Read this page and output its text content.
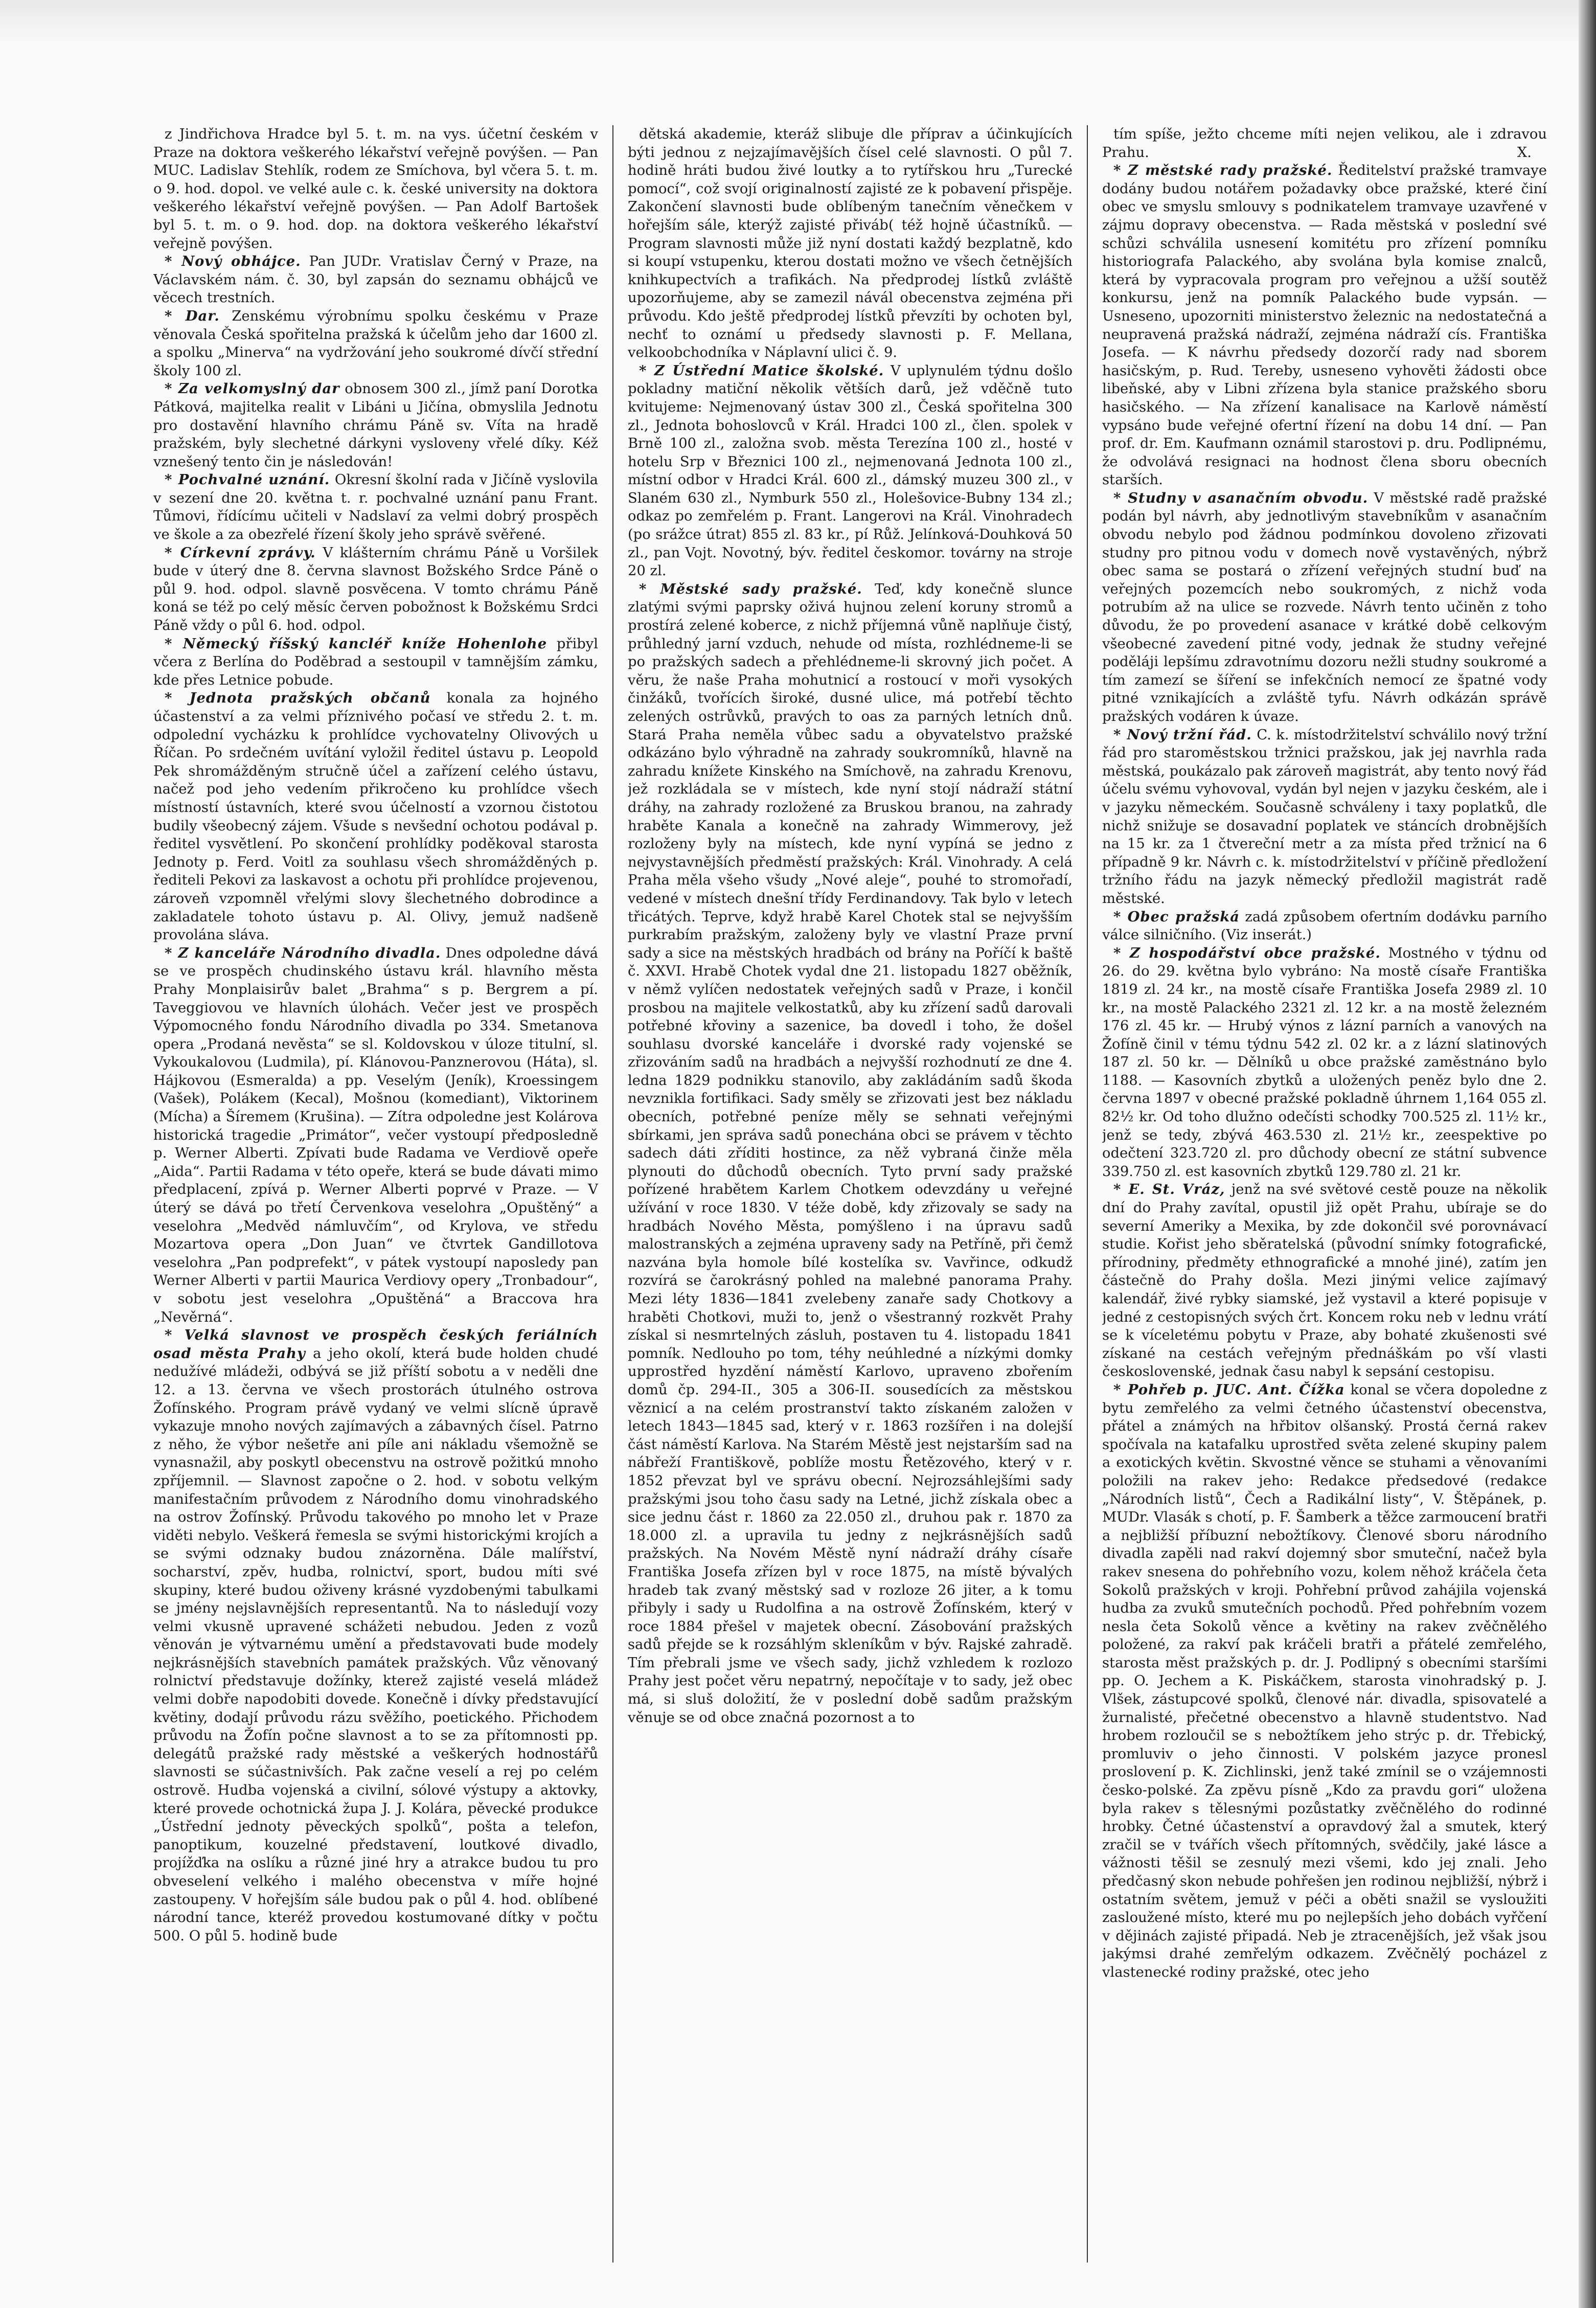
z Jindřichova Hradce byl 5. t. m. na vys. účetní českém v Praze na doktora veškerého lékařství veřejně povýšen. — Pan MUC. Ladislav Stehlík, rodem ze Smíchova, byl včera 5. t. m. o 9. hod. dopol. ve velké aule c. k. české university na doktora veškerého lékařství veřejně povýšen. — Pan Adolf Bartošek byl 5. t. m. o 9. hod. dop. na doktora veškerého lékařství veřejně povýšen.

* Nový obhájce. Pan JUDr. Vratislav Černý v Praze, na Václavském nám. č. 30, byl zapsán do seznamu obhájců ve věcech trestních.

* Dar. Zenskému výrobnímu spolku českému v Praze věnovala Česká spořitelna pražská k účelům jeho dar 1600 zl. a spolku „Minerva“ na vydržování jeho soukromé dívčí střední školy 100 zl.

* Za velkomyslný dar obnosem 300 zl., jímž paní Dorotka Pátková, majitelka realit v Libáni u Jičína, obmyslila Jednotu pro dostavění hlavního chrámu Páně sv. Víta na hradě pražském, byly slechetné dárkyni vysloveny vřelé díky. Kéž vznešený tento čin je následován!

* Pochvalné uznání. Okresní školní rada v Jičíně vyslovila v sezení dne 20. května t. r. pochvalné uznání panu Frant. Tůmovi, řídícímu učiteli v Nadslaví za velmi dobrý prospěch ve škole a za obezřelé řízení školy jeho správě svěřené.

* Církevní zprávy. V klášterním chrámu Páně u Voršilek bude v úterý dne 8. června slavnost Božského Srdce Páně o půl 9. hod. odpol. slavně posvěcena. V tomto chrámu Páně koná se též po celý měsíc červen pobožnost k Božskému Srdci Páně vždy o půl 6. hod. odpol.

* Německý říšský kancléř kníže Hohenlohe přibyl včera z Berlína do Poděbrad a sestoupil v tamnějším zámku, kde přes Letnice pobude.

* Jednota pražských občanů konala za hojného účastenství a za velmi příznivého počasí ve středu 2. t. m. odpolední vycházku k prohlídce vychovatelny Olivových u Říčan. Po srdečném uvítání vyložil ředitel ústavu p. Leopold Pek shromážděným stručně účel a zařízení celého ústavu, načež pod jeho vedením přikročeno ku prohlídce všech místností ústavních, které svou účelností a vzornou čistotou budily všeobecný zájem. Všude s nevšední ochotou podával p. ředitel vysvětlení. Po skončení prohlídky poděkoval starosta Jednoty p. Ferd. Voitl za souhlasu všech shromážděných p. řediteli Pekovi za laskavost a ochotu při prohlídce projevenou, zároveň vzpomněl vřelými slovy šlechetného dobrodince a zakladatele tohoto ústavu p. Al. Olivy, jemuž nadšeně provolána sláva.

* Z kanceláře Národního divadla. Dnes odpoledne dává se ve prospěch chudinského ústavu král. hlavního města Prahy Monplaisirův balet „Brahma“ s p. Bergrem a pí. Taveggiovou ve hlavních úlohách. Večer jest ve prospěch Výpomocného fondu Národního divadla po 334. Smetanova opera „Prodaná nevěsta“ se sl. Koldovskou v úloze titulní, sl. Vykoukalovou (Ludmila), pí. Klánovou-Panznerovou (Háta), sl. Hájkovou (Esmeralda) a pp. Veselým (Jeník), Kroessingem (Vašek), Polákem (Kecal), Mošnou (komediant), Viktorinem (Mícha) a Šíremem (Krušina). — Zítra odpoledne jest Kolárova historická tragedie „Primátor“, večer vystoupí předposledně p. Werner Alberti. Zpívati bude Radama ve Verdiově opeře „Aida“. Partii Radama v této opeře, která se bude dávati mimo předplacení, zpívá p. Werner Alberti poprvé v Praze. — V úterý se dává po třetí Červenkova veselohra „Opuštěný“ a veselohra „Medvěd námluvčím“, od Krylova, ve středu Mozartova opera „Don Juan“ ve čtvrtek Gandillotova veselohra „Pan podprefekt“, v pátek vystoupí naposledy pan Werner Alberti v partii Maurica Verdiovy opery „Tronbadour“, v sobotu jest veselohra „Opuštěná“ a Braccova hra „Nevěrná“.

* Velká slavnost ve prospěch českých feriálních osad města Prahy a jeho okolí, která bude holden chudé nedužívé mládeži, odbývá se již příští sobotu a v neděli dne 12. a 13. června ve všech prostorách útulného ostrova Žofínského. Program právě vydaný ve velmi slícně úpravě vykazuje mnoho nových zajímavých a zábavných čísel. Patrno z něho, že výbor nešetře ani píle ani nákladu všemožně se vynasnažil, aby poskytl obecenstvu na ostrově požitkú mnoho zpříjemnil. — Slavnost započne o 2. hod. v sobotu velkým manifestačním průvodem z Národního domu vinohradského na ostrov Žofínský. Průvodu takového po mnoho let v Praze viděti nebylo. Veškerá řemesla se svými historickými krojích a se svými odznaky budou znázorněna. Dále malířství, socharství, zpěv, hudba, rolnictví, sport, budou míti své skupiny, které budou oživeny krásné vyzdobenými tabulkami se jmény nejslavnějších representantů. Na to následují vozy velmi vkusně upravené schážeti nebudou. Jeden z vozů věnován je výtvarnému umění a představovati bude modely nejkrásnějších stavebních památek pražských. Vůz věnovaný rolnictví představuje dožínky, kterež zajisté veselá mládež velmi dobře napodobiti dovede. Konečně i dívky představující květiny, dodají průvodu rázu svěžího, poetického. Přichodem průvodu na Žofín počne slavnost a to se za přítomnosti pp. delegátů pražské rady městské a veškerých hodnostářů slavnosti se súčastnivších. Pak začne veselí a rej po celém ostrově. Hudba vojenská a civilní, sólové výstupy a aktovky, které provede ochotnická župa J. J. Kolára, pěvecké produkce „Ústřední jednoty pěveckých spolků“, pošta a telefon, panoptikum, kouzelné představení, loutkové divadlo, projížďka na oslíku a různé jiné hry a atrakce budou tu pro obveselení velkého i malého obecenstva v míře hojné zastoupeny. V hořejším sále budou pak o půl 4. hod. oblíbené národní tance, kteréž provedou kostumované dítky v počtu 500. O půl 5. hodině bude

dětská akademie, kteráž slibuje dle příprav a účinkujících býti jednou z nejzajímavějších čísel celé slavnosti. O půl 7. hodině hráti budou živé loutky a to rytířskou hru „Turecké pomocí“, což svojí originalností zajisté ze k pobavení přispěje. Zakončení slavnosti bude oblíbeným tanečním věnečkem v hořejším sále, kterýž zajisté přiváb( též hojně účastníků. — Program slavnosti může již nyní dostati každý bezplatně, kdo si koupí vstupenku, kterou dostati možno ve všech četnějších knihkupectvích a trafikách. Na předprodej lístků zvláště upozorňujeme, aby se zamezil návál obecenstva zejména při průvodu. Kdo ještě předprodej lístků převzíti by ochoten byl, nechť to oznámí u předsedy slavnosti p. F. Mellana, velkoobchodníka v Náplavní ulici č. 9.

* Z Ústřední Matice školské. V uplynulém týdnu došlo pokladny matiční několik větších darů, jež vděčně tuto kvitujeme: Nejmenovaný ústav 300 zl., Česká spořitelna 300 zl., Jednota bohoslovců v Král. Hradci 100 zl., člen. spolek v Brně 100 zl., založna svob. města Terezína 100 zl., hosté v hotelu Srp v Březnici 100 zl., nejmenovaná Jednota 100 zl., místní odbor v Hradci Král. 600 zl., dámský muzeu 300 zl., v Slaném 630 zl., Nymburk 550 zl., Holešovice-Bubny 134 zl.; odkaz po zemřelém p. Frant. Langerovi na Král. Vinohradech (po srážce útrat) 855 zl. 83 kr., pí Růž. Jelínková-Douhková 50 zl., pan Vojt. Novotný, býv. ředitel českomor. továrny na stroje 20 zl.

* Městské sady pražské. Teď, kdy konečně slunce zlatými svými paprsky oživá hujnou zelení koruny stromů a prostírá zelené koberce, z nichž příjemná vůně naplňuje čistý, průhledný jarní vzduch, nehude od místa, rozhlédneme-li se po pražských sadech a přehlédneme-li skrovný jich počet. A věru, že naše Praha mohutnicí a rostoucí v moři vysokých činžáků, tvořících široké, dusné ulice, má potřebí těchto zelených ostrůvků, pravých to oas za parných letních dnů. Stará Praha neměla vůbec sadu a obyvatelstvo pražské odkázáno bylo výhradně na zahrady soukromníků, hlavně na zahradu knížete Kinského na Smíchově, na zahradu Krenovu, jež rozkládala se v místech, kde nyní stojí nádraží státní dráhy, na zahrady rozložené za Bruskou branou, na zahrady hraběte Kanala a konečně na zahrady Wimmerovy, jež rozloženy byly na místech, kde nyní vypíná se jedno z nejvystavnějších předměstí pražských: Král. Vinohrady. A celá Praha měla všeho všudy „Nové aleje“, pouhé to stromořadí, vedené v místech dnešní třídy Ferdinandovy. Tak bylo v letech třicátých. Teprve, když hrabě Karel Chotek stal se nejvyšším purkrabím pražským, založeny byly ve vlastní Praze první sady a sice na městských hradbách od brány na Poříčí k baště č. XXVI. Hrabě Chotek vydal dne 21. listopadu 1827 oběžník, v němž vylíčen nedostatek veřejných sadů v Praze, i končil prosbou na majitele velkostatků, aby ku zřízení sadů darovali potřebné křoviny a sazenice, ba dovedl i toho, že došel souhlasu dvorské kanceláře i dvorské rady vojenské se zřizováním sadů na hradbách a nejvyšší rozhodnutí ze dne 4. ledna 1829 podnikku stanovilo, aby zakládáním sadů škoda nevznikla fortifikaci. Sady směly se zřizovati jest bez nákladu obecních, potřebné peníze měly se sehnati veřejnými sbírkami, jen správa sadů ponechána obci se právem v těchto sadech dáti zříditi hostince, za něž vybraná činže měla plynouti do důchodů obecních. Tyto první sady pražské pořízené hrabětem Karlem Chotkem odevzdány u veřejné užívání v roce 1830. V téže době, kdy zřizovaly se sady na hradbách Nového Města, pomýšleno i na úpravu sadů malostranských a zejména upraveny sady na Petříně, při čemž nazvána byla homole bílé kostelíka sv. Vavřince, odkudž rozvírá se čarokrásný pohled na malebné panorama Prahy. Mezi léty 1836—1841 zvelebeny zanaře sady Chotkovy a hraběti Chotkovi, muži to, jenž o všestranný rozkvět Prahy získal si nesmrtelných zásluh, postaven tu 4. listopadu 1841 pomník. Nedlouho po tom, téhy neúhledné a nízkými domky upprostřed hyzdění náměstí Karlovo, upraveno zbořením domů čp. 294-II., 305 a 306-II. sousedících za městskou věznicí a na celém prostranství takto získaném založen v letech 1843—1845 sad, který v r. 1863 rozšířen i na dolejší část náměstí Karlova. Na Starém Městě jest nejstarším sad na nábřeží Františkově, poblíže mostu Řetězového, který v r. 1852 převzat byl ve správu obecní. Nejrozsáhlejšími sady pražskými jsou toho času sady na Letné, jichž získala obec a sice jednu část r. 1860 za 22.050 zl., druhou pak r. 1870 za 18.000 zl. a upravila tu jedny z nejkrásnějších sadů pražských. Na Novém Městě nyní nádraží dráhy císaře Františka Josefa zřízen byl v roce 1875, na místě bývalých hradeb tak zvaný městský sad v rozloze 26 jiter, a k tomu přibyly i sady u Rudolfina a na ostrově Žofínském, který v roce 1884 přešel v majetek obecní. Zásobování pražských sadů přejde se k rozsáhlým skleníkům v býv. Rajské zahradě. Tím přebrali jsme ve všech sady, jichž vzhledem k rozlozo Prahy jest počet věru nepatrný, nepočítaje v to sady, jež obec má, si sluš doložití, že v poslední době sadům pražským věnuje se od obce značná pozornost a to

tím spíše, ježto chceme míti nejen velikou, ale i zdravou Prahu.	X.

* Z městské rady pražské. Ředitelství pražské tramvaye dodány budou notářem požadavky obce pražské, které činí obec ve smyslu smlouvy s podnikatelem tramvaye uzavřené v zájmu dopravy obecenstva. — Rada městská v poslední své schůzi schválila usnesení komitétu pro zřízení pomníku historiografa Palackého, aby svolána byla komise znalců, která by vypracovala program pro veřejnou a užší soutěž konkursu, jenž na pomník Palackého bude vypsán. — Usneseno, upozorniti ministerstvo železnic na nedostatečná a neupravená pražská nádraží, zejména nádraží cís. Františka Josefa. — K návrhu předsedy dozorčí rady nad sborem hasičským, p. Rud. Tereby, usneseno vyhověti žádosti obce libeňské, aby v Libni zřízena byla stanice pražského sboru hasičského. — Na zřízení kanalisace na Karlově náměstí vypsáno bude veřejné ofertní řízení na dobu 14 dní. — Pan prof. dr. Em. Kaufmann oznámil starostovi p. dru. Podlipnému, že odvolává resignaci na hodnost člena sboru obecních starších.

* Studny v asanačním obvodu. V městské radě pražské podán byl návrh, aby jednotlivým stavebníkům v asanačním obvodu nebylo pod žádnou podmínkou dovoleno zřizovati studny pro pitnou vodu v domech nově vystavěných, nýbrž obec sama se postará o zřízení veřejných studní buď na veřejných pozemcích nebo soukromých, z nichž voda potrubím až na ulice se rozvede. Návrh tento učiněn z toho důvodu, že po provedení asanace v krátké době celkovým všeobecné zavedení pitné vody, jednak že studny veřejné poděláji lepšímu zdravotnímu dozoru nežli studny soukromé a tím zamezí se šíření se infekčních nemocí ze špatné vody pitné vznikajících a zvláště tyfu. Návrh odkázán správě pražských vodáren k úvaze.

* Nový tržní řád. C. k. místodržitelství schválilo nový tržní řád pro staroměstskou tržnici pražskou, jak jej navrhla rada městská, poukázalo pak zároveň magistrát, aby tento nový řád účelu svému vyhovoval, vydán byl nejen v jazyku českém, ale i v jazyku německém. Současně schváleny i taxy poplatků, dle nichž snižuje se dosavadní poplatek ve stáncích drobnějších na 15 kr. za 1 čtvereční metr a za místa před tržnicí na 6 případně 9 kr. Návrh c. k. místodržitelství v příčině předložení tržního řádu na jazyk německý předložil magistrát radě městské.

* Obec pražská zadá způsobem ofertním dodávku parního válce silničního. (Viz inserát.)

* Z hospodářství obce pražské. Mostného v týdnu od 26. do 29. května bylo vybráno: Na mostě císaře Františka 1819 zl. 24 kr., na mostě císaře Františka Josefa 2989 zl. 10 kr., na mostě Palackého 2321 zl. 12 kr. a na mostě železném 176 zl. 45 kr. — Hrubý výnos z lázní parních a vanových na Žofíně činil v tému týdnu 542 zl. 02 kr. a z lázní slatinových 187 zl. 50 kr. — Dělníků u obce pražské zaměstnáno bylo 1188. — Kasovních zbytků a uložených peněz bylo dne 2. června 1897 v obecné pražské pokladně úhrnem 1,164 055 zl. 82½ kr. Od toho dlužno odečísti schodky 700.525 zl. 11½ kr., jenž se tedy, zbývá 463.530 zl. 21½ kr., zeespektive po odečtení 323.720 zl. pro důchody obecní ze státní subvence 339.750 zl. est kasovních zbytků 129.780 zl. 21 kr.

* E. St. Vráz, jenž na své světové cestě pouze na několik dní do Prahy zavítal, opustil již opět Prahu, ubíraje se do severní Ameriky a Mexika, by zde dokončil své porovnávací studie. Kořist jeho sběratelská (původní snímky fotografické, přírodniny, předměty ethnografické a mnohé jiné), zatím jen částečně do Prahy došla. Mezi jinými velice zajímavý kalendář, živé rybky siamské, jež vystavil a které popisuje v jedné z cestopisných svých črt. Koncem roku neb v lednu vrátí se k víceletému pobytu v Praze, aby bohaté zkušenosti své získané na cestách veřejným přednáškám po vší vlasti československé, jednak času nabyl k sepsání cestopisu.

* Pohřeb p. JUC. Ant. Čížka konal se včera dopoledne z bytu zemřelého za velmi četného účastenství obecenstva, přátel a známých na hřbitov olšanský. Prostá černá rakev spočívala na katafalku uprostřed světa zelené skupiny palem a exotických květin. Skvostné věnce se stuhami a věnovaními položili na rakev jeho: Redakce předsedové (redakce „Národních listů“, Čech a Radikální listy“, V. Štěpánek, p. MUDr. Vlasák s chotí, p. F. Šamberk a těžce zarmoucení bratři a nejbližší příbuzní nebožtíkovy. Členové sboru národního divadla zapěli nad rakví dojemný sbor smuteční, načež byla rakev snesena do pohřebního vozu, kolem něhož kráčela četa Sokolů pražských v kroji. Pohřební průvod zahájila vojenská hudba za zvuků smutečních pochodů. Před pohřebním vozem nesla četa Sokolů věnce a květiny na rakev zvěčnělého položené, za rakví pak kráčeli bratři a přátelé zemřelého, starosta měst pražských p. dr. J. Podlipný s obecními staršími pp. O. Jechem a K. Piskáčkem, starosta vinohradský p. J. Vlšek, zástupcové spolků, členové nár. divadla, spisovatelé a žurnalisté, přečetné obecenstvo a hlavně studentstvo. Nad hrobem rozloučil se s nebožtíkem jeho strýc p. dr. Třebický, promluviv o jeho činnosti. V polském jazyce pronesl proslovení p. K. Zichlinski, jenž také zmínil se o vzájemnosti česko-polské. Za zpěvu písně „Kdo za pravdu gori“ uložena byla rakev s tělesnými pozůstatky zvěčnělého do rodinné hrobky. Četné účastenství a opravdový žal a smutek, který zračil se v tvářích všech přítomných, svědčily, jaké lásce a vážnosti těšil se zesnulý mezi všemi, kdo jej znali. Jeho předčasný skon nebude pohřešen jen rodinou nejbližší, nýbrž i ostatním světem, jemuž v péči a oběti snažil se vysloužiti zasloužené místo, které mu po nejlepších jeho dobách vyřčení v dějinách zajisté připadá. Neb je ztracenějších, jež však jsou jakýmsi drahé zemřelým odkazem. Zvěčnělý pocházel z vlastenecké rodiny pražské, otec jeho
